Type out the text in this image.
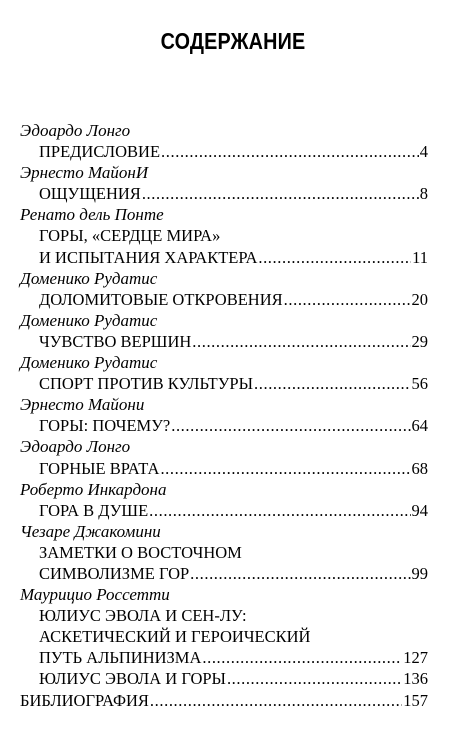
СОДЕРЖАНИЕ
Эдоардо Лонго
ПРЕДИСЛОВИЕ .....	4
Эрнесто МайонИ
ОЩУЩЕНИЯ .....	8
Ренато дель Понте
ГОРЫ, «СЕРДЦЕ МИРА»
И ИСПЫТАНИЯ ХАРАКТЕРА .....	11
Доменико Рудатис
ДОЛОМИТОВЫЕ ОТКРОВЕНИЯ .....	20
Доменико Рудатис
ЧУВСТВО ВЕРШИН .....	29
Доменико Рудатис
СПОРТ ПРОТИВ КУЛЬТУРЫ .....	56
Эрнесто Майони
ГОРЫ: ПОЧЕМУ? .....	64
Эдоардо Лонго
ГОРНЫЕ ВРАТА .....	68
Роберто Инкардона
ГОРА В ДУШЕ .....	94
Чезаре Джакомини
ЗАМЕТКИ О ВОСТОЧНОМ
СИМВОЛИЗМЕ ГОР .....	99
Маурицио Россетти
ЮЛИУС ЭВОЛА И СЕН-ЛУ:
АСКЕТИЧЕСКИЙ И ГЕРОИЧЕСКИЙ
ПУТЬ АЛЬПИНИЗМА .....	127
ЮЛИУС ЭВОЛА И ГОРЫ .....	136
БИБЛИОГРАФИЯ .....	157
